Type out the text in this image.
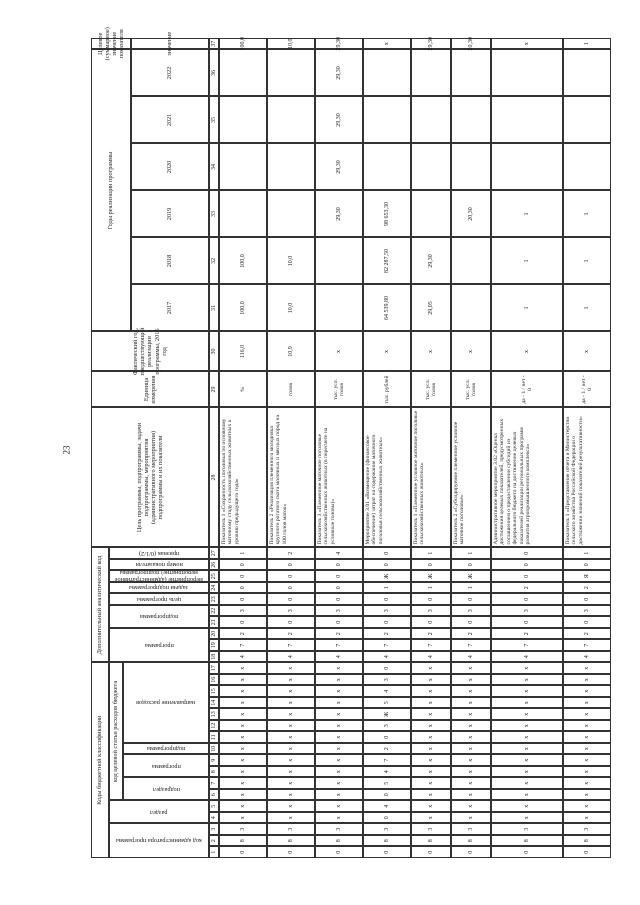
23
Коды бюджетной классификации
Дополнительный аналитический код
Цель программы, подпрограммы, задачи подпрограммы, мероприятия (административного мероприятия) подпрограммы и их показатели
Единица измерения
Фактический год, предшествующий реализации программы, 2016 год
Годы реализации программы
Целевое (суммарное) значение показателя
код целевой статьи расходов бюджета
код администратора программы
раздел
подраздел
программа
подпрограмма
направление расходов
программа
подпрограмма
цель программы
задачи подпрограммы
мероприятие (административное мероприятие) подпрограммы
номер показателя
признак (0/1/2)
2017
2018
2019
2020
2021
2022
значение
1
2
3
4
5
6
7
8
9
10
11
12
13
14
15
16
17
18
19
20
21
22
23
24
25
26
27
28
29
30
31
32
33
34
35
36
37
0
8
3
х
х
х
х
х
х
х
х
х
х
х
х
х
х
4
7
2
0
3
0
0
0
0
1
Показатель 1 «Сохранность поголовья по основному маточному стаду сельскохозяйственных животных к уровню предыдущего года»
%
116,0
100,0
100,0
100,0
0
8
3
х
х
х
х
х
х
х
х
х
х
х
х
х
х
4
7
2
0
3
0
0
0
0
2
Показатель 2 «Реализация племенного молодняка крупного рогатого скота молочных и мясных пород на 100 голов маток»
голов
10,9
10,0
10,0
10,0
0
8
3
х
х
х
х
х
х
х
х
х
х
х
х
х
х
4
7
2
0
3
0
0
0
0
4
Показатель 3 «Племенное маточное поголовье сельскохозяйственных животных (в пересчете на условные головы)»
тыс. усл. голов
х
29,30
29,30
29,30
29,30
29,30
0
8
3
0
4
0
5
4
7
2
0
3
Ж
5
4
3
0
4
7
2
0
3
0
1
Ж
0
0
Мероприятие 3.01 «Возмещение (финансовое обеспечение) затрат на содержание маточного поголовья сельскохозяйственных животных»
тыс. рублей
х
64 539,80
82 287,50
98 653,30
х
0
8
3
х
х
х
х
х
х
х
х
х
х
х
х
х
х
4
7
2
0
3
0
1
Ж
0
1
Показатель 1 «Племенное условное маточное поголовье сельскохозяйственных животных»
тыс. усл. голов
х
29,05
29,30
29,30
0
8
3
х
х
х
х
х
х
х
х
х
х
х
х
х
х
4
7
2
0
3
0
1
Ж
0
1
Показатель 2 «Субсидируемое племенное условное маточное поголовье»
тыс. усл. голов
х
20,30
20,30
0
8
3
х
х
х
х
х
х
х
х
х
х
х
х
х
х
4
7
2
0
3
0
2
0
0
0
Административное мероприятие 3.02 «Оценка достижения целевых показателей, предусмотренных соглашением о предоставлении субсидий из федерального бюджета на достижение целевых показателей реализации региональных программ развития агропромышленного комплекса»
да - 1 / нет - 0
х
1
1
1
х
0
8
3
х
х
х
х
х
х
х
х
х
х
х
х
х
х
4
7
2
0
3
0
2
Я
0
1
Показатель 1 «Представление отчета в Министерство сельского хозяйства Российской Федерации о достижении значений показателей результативности»
да - 1 / нет - 0
х
1
1
1
1
